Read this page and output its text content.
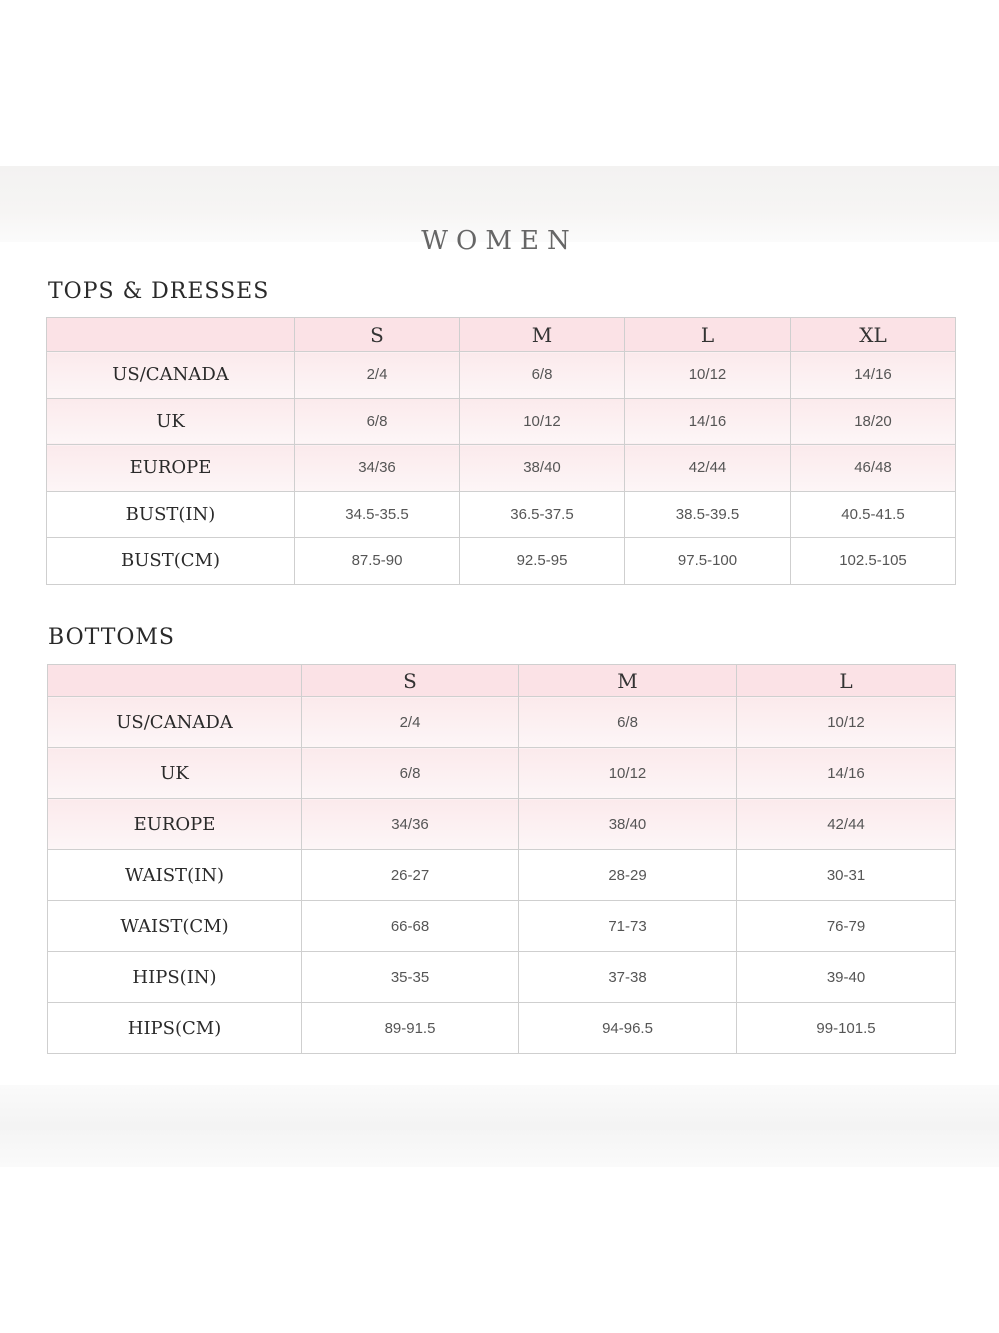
WOMEN
TOPS & DRESSES
	S	M	L	XL
US/CANADA	2/4	6/8	10/12	14/16
UK	6/8	10/12	14/16	18/20
EUROPE	34/36	38/40	42/44	46/48
BUST(IN)	34.5-35.5	36.5-37.5	38.5-39.5	40.5-41.5
BUST(CM)	87.5-90	92.5-95	97.5-100	102.5-105
BOTTOMS
	S	M	L
US/CANADA	2/4	6/8	10/12
UK	6/8	10/12	14/16
EUROPE	34/36	38/40	42/44
WAIST(IN)	26-27	28-29	30-31
WAIST(CM)	66-68	71-73	76-79
HIPS(IN)	35-35	37-38	39-40
HIPS(CM)	89-91.5	94-96.5	99-101.5
